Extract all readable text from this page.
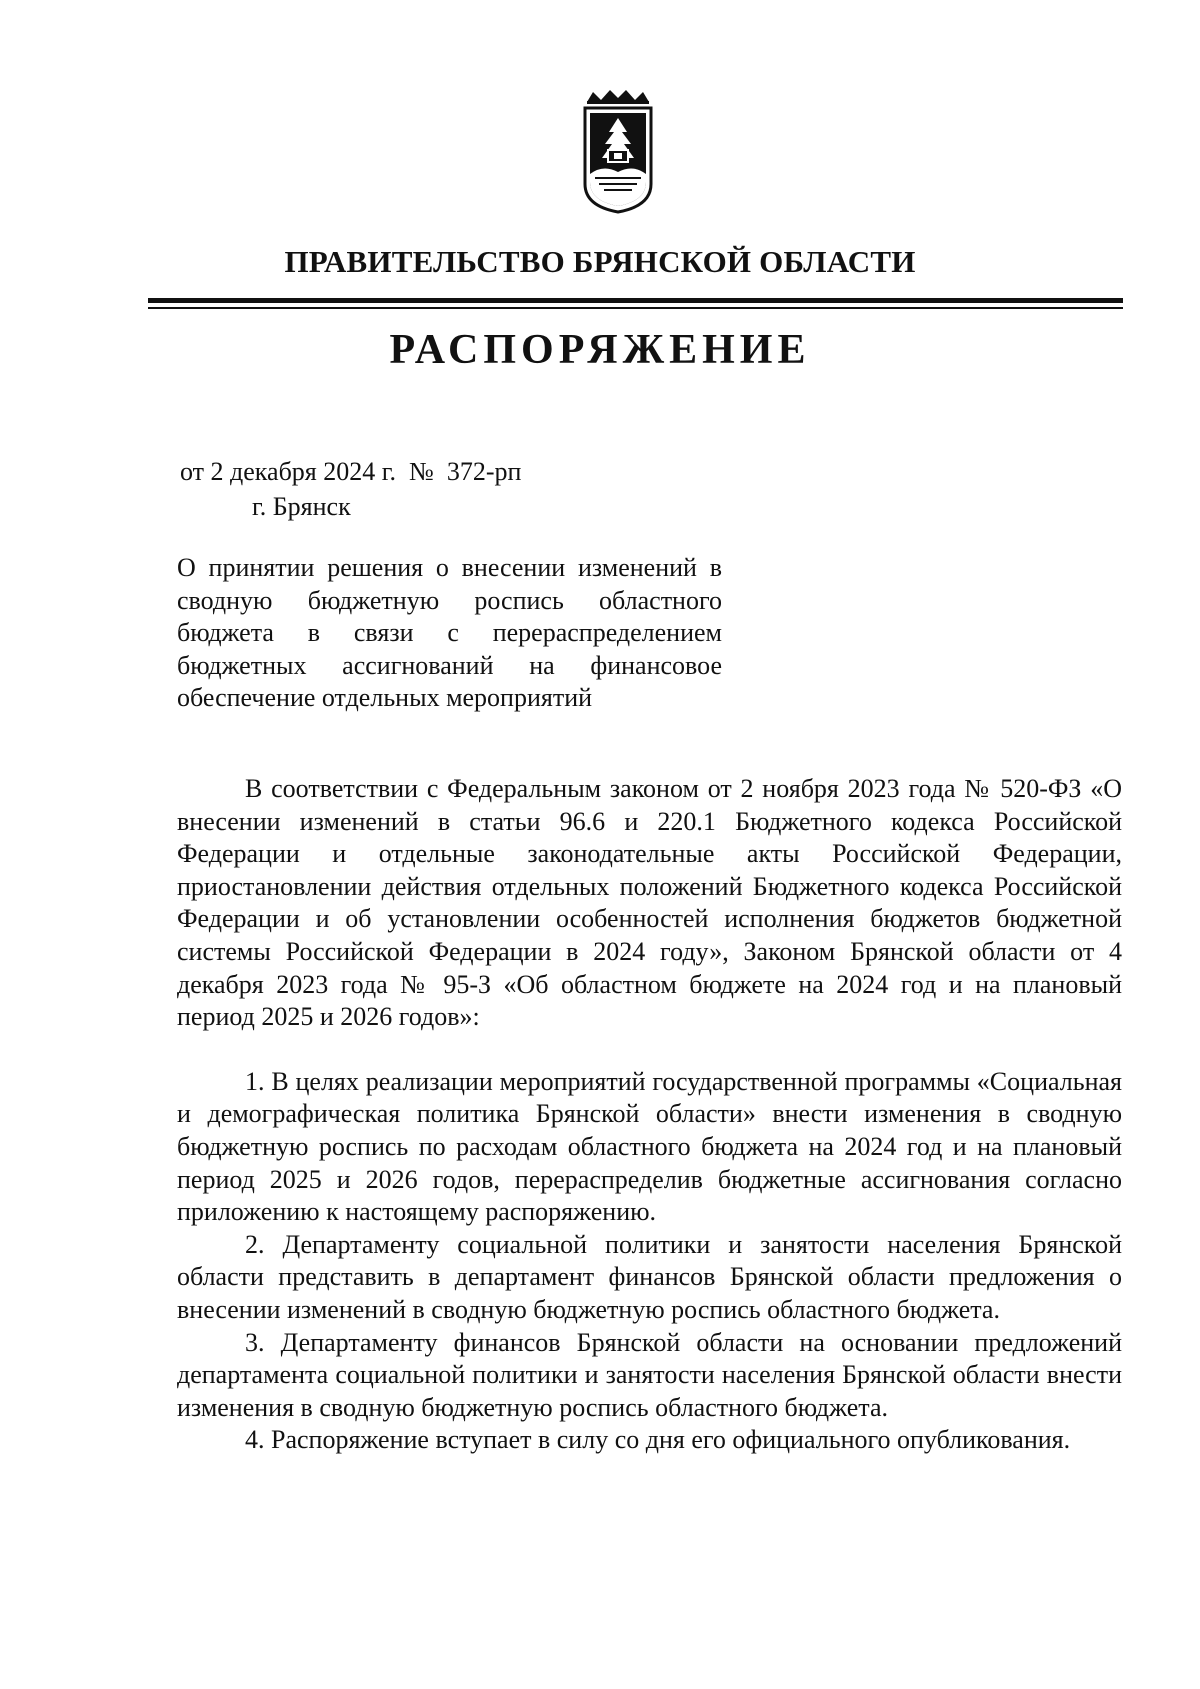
ПРАВИТЕЛЬСТВО БРЯНСКОЙ ОБЛАСТИ
РАСПОРЯЖЕНИЕ
от 2 декабря 2024 г. № 372-рп
г. Брянск

О принятии решения о внесении изменений в сводную бюджетную роспись областного бюджета в связи с перераспределением бюджетных ассигнований на финансовое обеспечение отдельных мероприятий

В соответствии с Федеральным законом от 2 ноября 2023 года № 520-ФЗ «О внесении изменений в статьи 96.6 и 220.1 Бюджетного кодекса Российской Федерации и отдельные законодательные акты Российской Федерации, приостановлении действия отдельных положений Бюджетного кодекса Российской Федерации и об установлении особенностей исполнения бюджетов бюджетной системы Российской Федерации в 2024 году», Законом Брянской области от 4 декабря 2023 года № 95-З «Об областном бюджете на 2024 год и на плановый период 2025 и 2026 годов»:

1. В целях реализации мероприятий государственной программы «Социальная и демографическая политика Брянской области» внести изменения в сводную бюджетную роспись по расходам областного бюджета на 2024 год и на плановый период 2025 и 2026 годов, перераспределив бюджетные ассигнования согласно приложению к настоящему распоряжению.

2. Департаменту социальной политики и занятости населения Брянской области представить в департамент финансов Брянской области предложения о внесении изменений в сводную бюджетную роспись областного бюджета.

3. Департаменту финансов Брянской области на основании предложений департамента социальной политики и занятости населения Брянской области внести изменения в сводную бюджетную роспись областного бюджета.

4. Распоряжение вступает в силу со дня его официального опубликования.
